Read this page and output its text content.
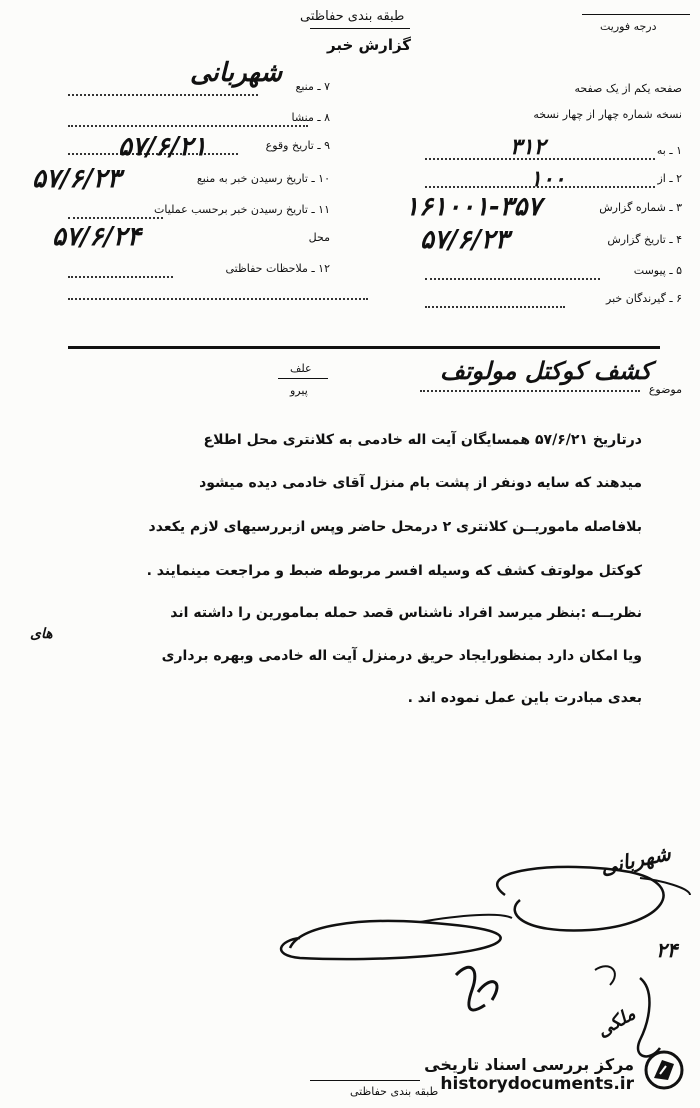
طبقه بندی حفاظتی
گزارش خبر
درجه فوریت
صفحه یکم از یک صفحه
نسخه شماره چهار از چهار نسخه
۱ ـ به
۳۱۲
۲ ـ از
۱۰۰
۳ ـ شماره گزارش
۱۶۱۰۰۱-۳۵۷
۴ ـ تاریخ گزارش
۵۷/۶/۲۳
۵ ـ پیوست
۶ ـ گیرندگان خبر
۷ ـ منبع
شهربانی
۸ ـ منشا
۹ ـ تاریخ وقوع
۵۷/۶/۲۱
۱۰ ـ تاریخ رسیدن خبر به منبع
۵۷/۶/۲۳
۱۱ ـ تاریخ رسیدن خبر برحسب عملیات
محل
۵۷/۶/۲۴
۱۲ ـ ملاحظات حفاظتی
موضوع
کشف کوکتل مولوتف
علف
پیرو
درتاریخ ۵۷/۶/۲۱ همسایگان آیت اله خادمی به کلانتری محل اطلاع
میدهند که سایه دونفر از پشت بام منزل آقای خادمی دیده میشود
بلافاصله ماموریــن کلانتری ۲ درمحل حاضر وپس ازبررسیهای لازم یکعدد
کوکتل مولوتف کشف که وسیله افسر مربوطه ضبط و مراجعت مینمایند .
نظریــه :بنظر میرسد افراد ناشناس قصد حمله بمامورین را داشته اند
های
ویا امکان دارد بمنظورایجاد حریق درمنزل آیت اله خادمی وبهره برداری
بعدی مبادرت باین عمل نموده اند .
شهربانی
۲۴
ملکی
طبقه بندی حفاظتی
مرکز بررسی اسناد تاریخی
historydocuments.ir
